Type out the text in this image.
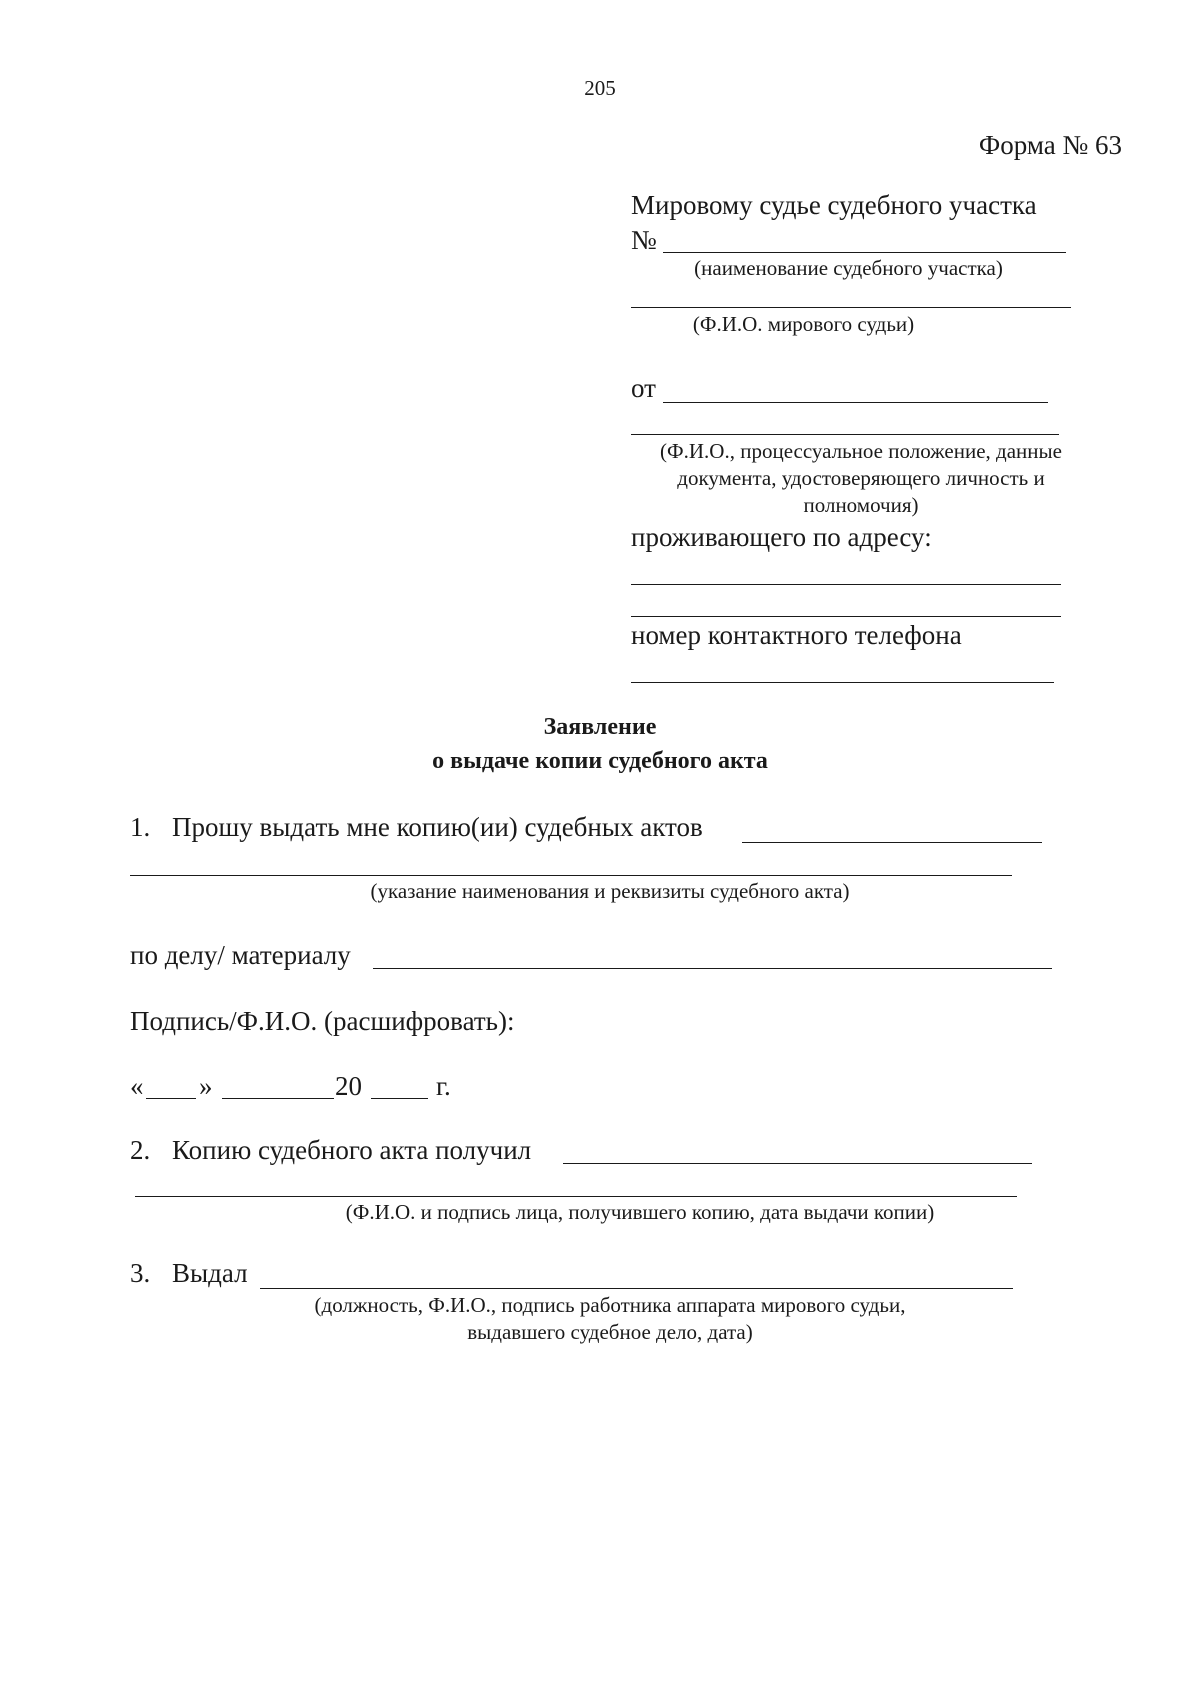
205
Форма № 63
Мировому судье судебного участка
№
(наименование судебного участка)
(Ф.И.О. мирового судьи)
от
(Ф.И.О., процессуальное положение, данные
документа, удостоверяющего личность и
полномочия)
проживающего по адресу:
номер контактного телефона
Заявление
о выдаче копии судебного акта
1. Прошу выдать мне копию(ии) судебных актов
(указание наименования и реквизиты судебного акта)
по делу/ материалу
Подпись/Ф.И.О. (расшифровать):
« »	20	г.
2. Копию судебного акта получил
(Ф.И.О. и подпись лица, получившего копию, дата выдачи копии)
3. Выдал
(должность, Ф.И.О., подпись работника аппарата мирового судьи,
выдавшего судебное дело, дата)
